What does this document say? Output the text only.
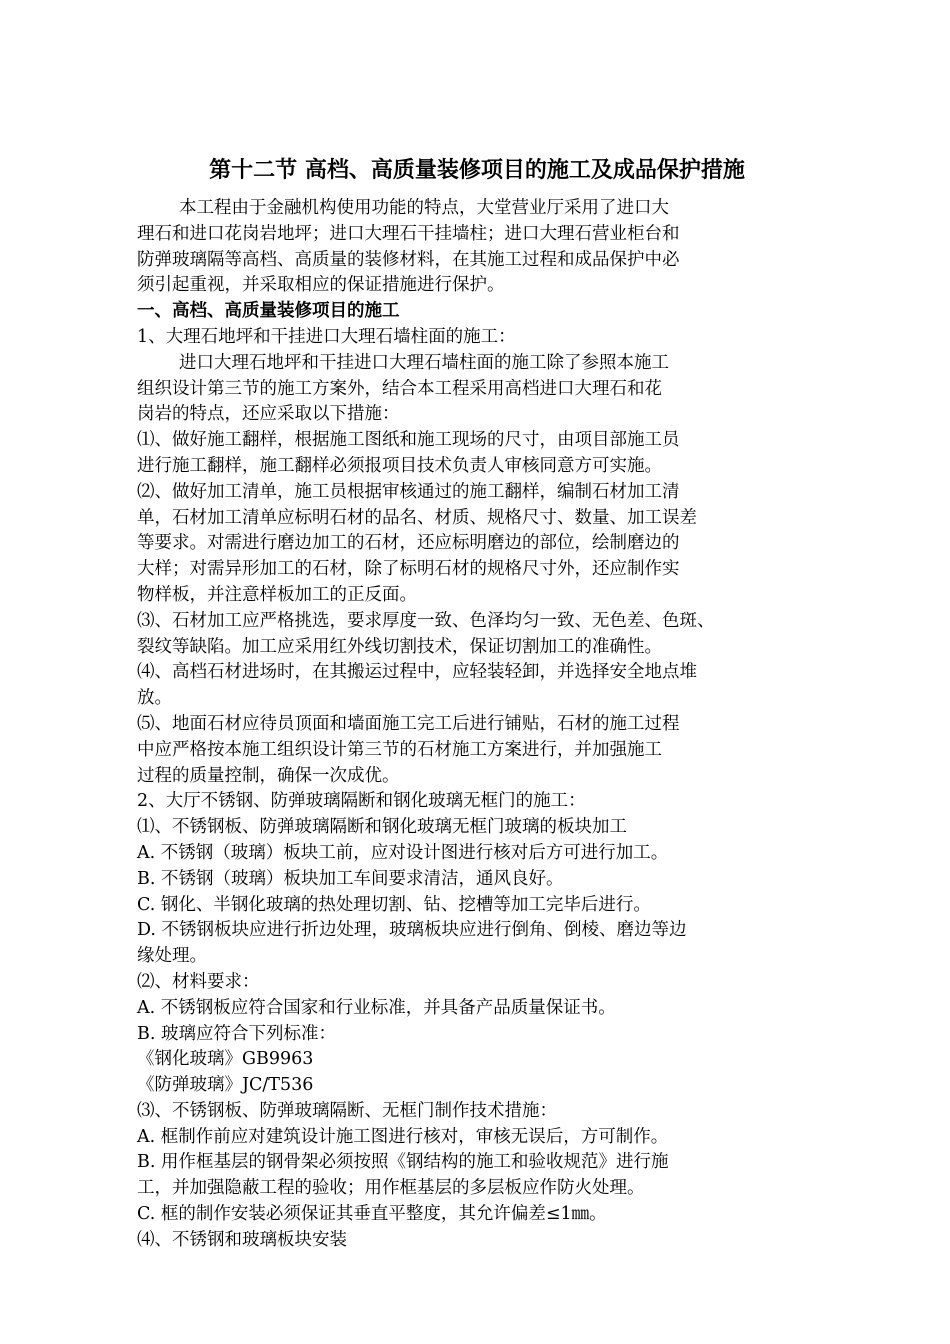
第十二节 高档、高质量装修项目的施工及成品保护措施

本工程由于金融机构使用功能的特点，大堂营业厅采用了进口大

理石和进口花岗岩地坪；进口大理石干挂墙柱；进口大理石营业柜台和

防弹玻璃隔等高档、高质量的装修材料，在其施工过程和成品保护中必

须引起重视，并采取相应的保证措施进行保护。

一、高档、高质量装修项目的施工

1、大理石地坪和干挂进口大理石墙柱面的施工：

进口大理石地坪和干挂进口大理石墙柱面的施工除了参照本施工

组织设计第三节的施工方案外，结合本工程采用高档进口大理石和花

岗岩的特点，还应采取以下措施：

⑴、做好施工翻样，根据施工图纸和施工现场的尺寸，由项目部施工员

进行施工翻样，施工翻样必须报项目技术负责人审核同意方可实施。

⑵、做好加工清单，施工员根据审核通过的施工翻样，编制石材加工清

单，石材加工清单应标明石材的品名、材质、规格尺寸、数量、加工误差

等要求。对需进行磨边加工的石材，还应标明磨边的部位，绘制磨边的

大样；对需异形加工的石材，除了标明石材的规格尺寸外，还应制作实

物样板，并注意样板加工的正反面。

⑶、石材加工应严格挑选，要求厚度一致、色泽均匀一致、无色差、色斑、

裂纹等缺陷。加工应采用红外线切割技术，保证切割加工的准确性。

⑷、高档石材进场时，在其搬运过程中，应轻装轻卸，并选择安全地点堆

放。

⑸、地面石材应待员顶面和墙面施工完工后进行铺贴，石材的施工过程

中应严格按本施工组织设计第三节的石材施工方案进行，并加强施工

过程的质量控制，确保一次成优。

2、大厅不锈钢、防弹玻璃隔断和钢化玻璃无框门的施工：

⑴、不锈钢板、防弹玻璃隔断和钢化玻璃无框门玻璃的板块加工

A. 不锈钢（玻璃）板块工前，应对设计图进行核对后方可进行加工。

B. 不锈钢（玻璃）板块加工车间要求清洁，通风良好。

C. 钢化、半钢化玻璃的热处理切割、钻、挖槽等加工完毕后进行。

D. 不锈钢板块应进行折边处理，玻璃板块应进行倒角、倒棱、磨边等边

缘处理。

⑵、材料要求：

A. 不锈钢板应符合国家和行业标准，并具备产品质量保证书。

B. 玻璃应符合下列标准：

《钢化玻璃》GB9963

《防弹玻璃》JC/T536

⑶、不锈钢板、防弹玻璃隔断、无框门制作技术措施：

A. 框制作前应对建筑设计施工图进行核对，审核无误后，方可制作。

B. 用作框基层的钢骨架必须按照《钢结构的施工和验收规范》进行施

工，并加强隐蔽工程的验收；用作框基层的多层板应作防火处理。

C. 框的制作安装必须保证其垂直平整度，其允许偏差≤1㎜。

⑷、不锈钢和玻璃板块安装
